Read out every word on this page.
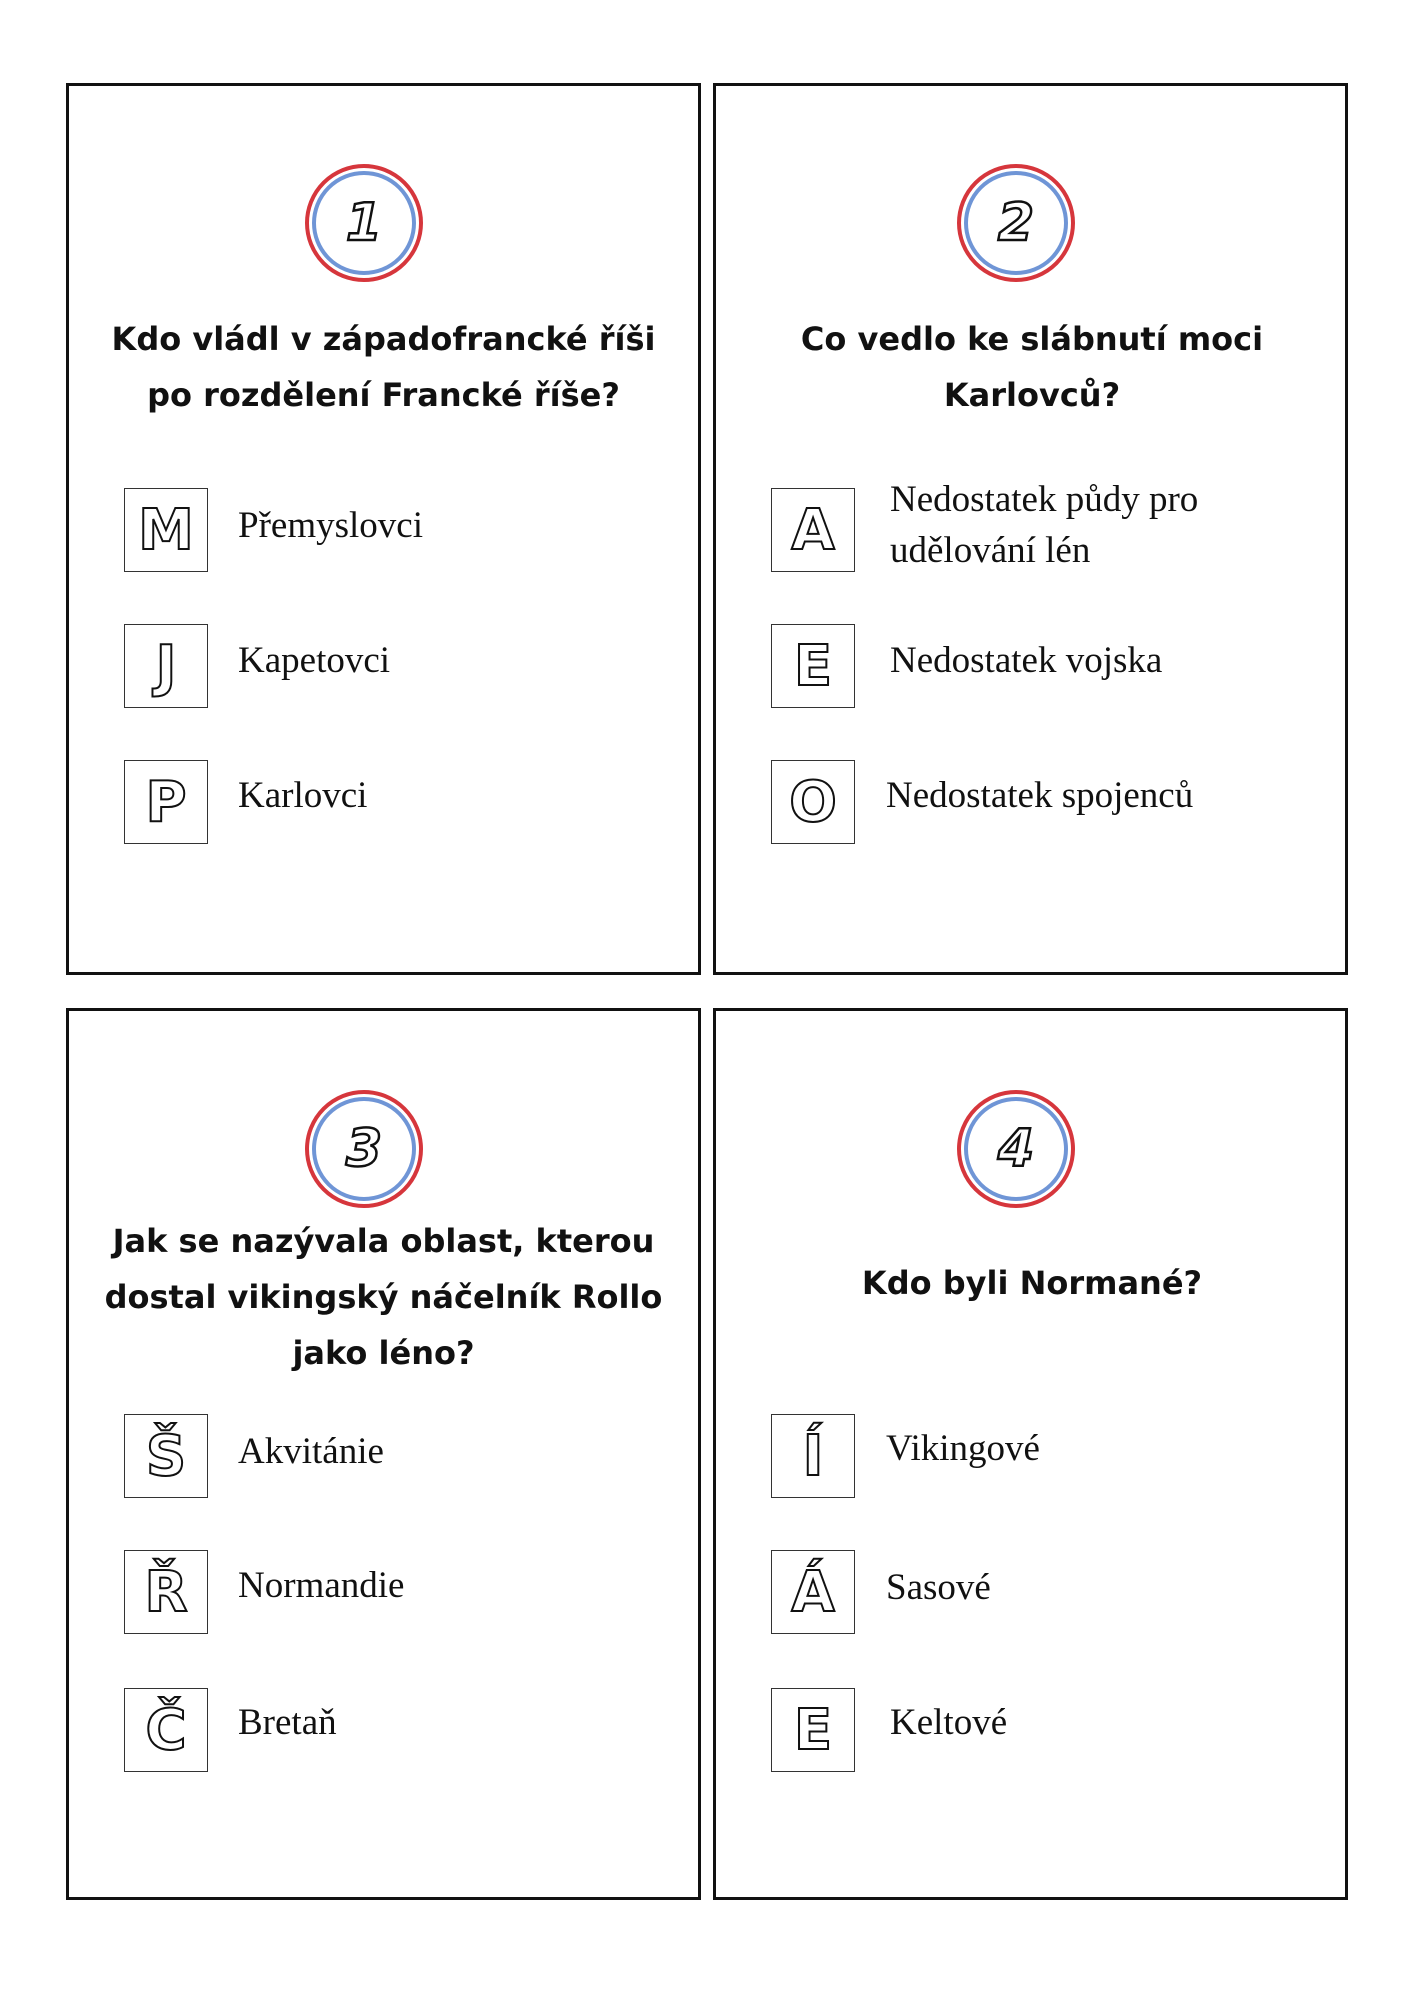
1

Kdo vládl v západofrancké říši po rozdělení Francké říše?

M	Přemyslovci

J	Kapetovci

P	Karlovci

2

Co vedlo ke slábnutí moci Karlovců?

A	Nedostatek půdy pro udělování lén

E	Nedostatek vojska

O	Nedostatek spojenců

3

Jak se nazývala oblast, kterou dostal vikingský náčelník Rollo jako léno?

Š	Akvitánie

Ř	Normandie

Č	Bretaň

4

Kdo byli Normané?

Í	Vikingové

Á	Sasové

E	Keltové
